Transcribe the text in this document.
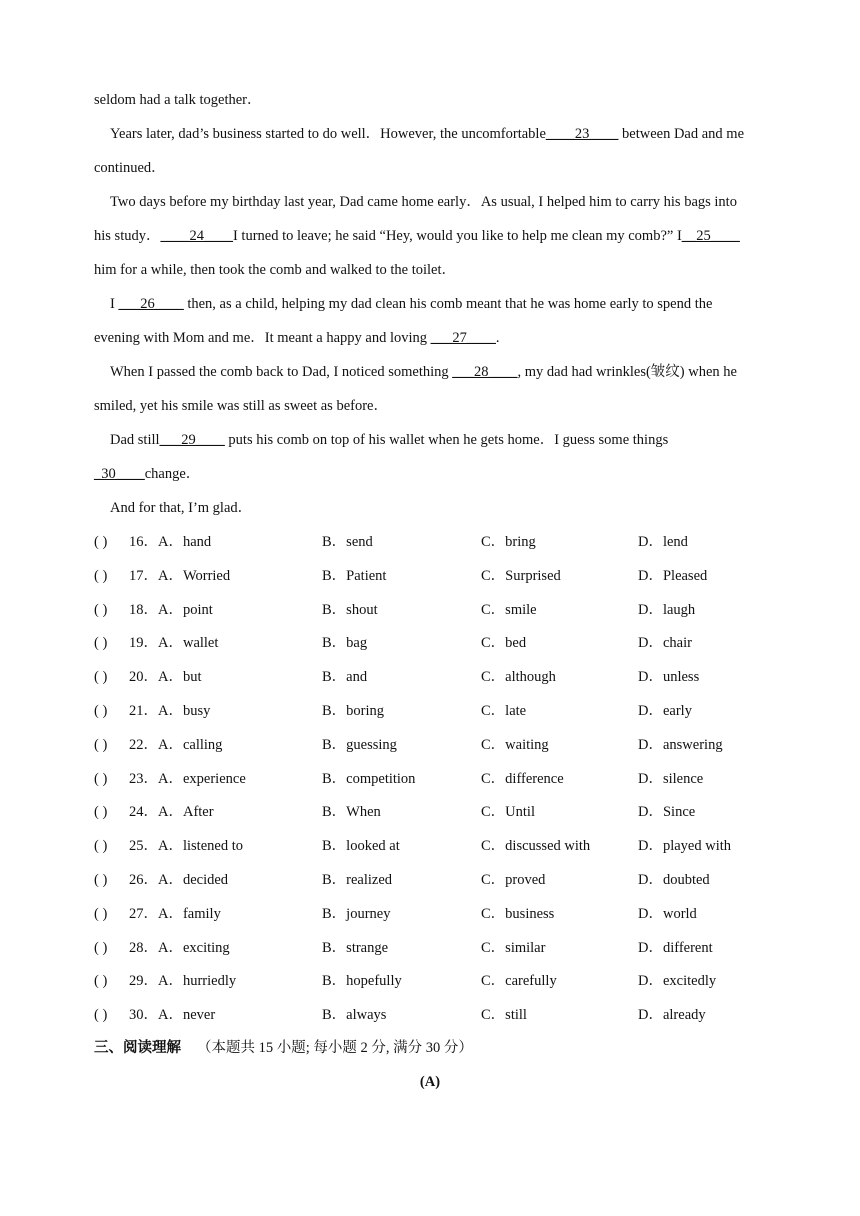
seldom had a talk together．
Years later, dad’s business started to do well．However, the uncomfortable____23____ between Dad and me
continued．
Two days before my birthday last year, Dad came home early．As usual, I helped him to carry his bags into
his study．____24____I turned to leave; he said “Hey, would you like to help me clean my comb?” I__25____
him for a while, then took the comb and walked to the toilet．
I ___26____ then, as a child, helping my dad clean his comb meant that he was home early to spend the
evening with Mom and me．It meant a happy and loving ___27____.
When I passed the comb back to Dad, I noticed something ___28____, my dad had wrinkles(皱纹) when he
smiled, yet his smile was still as sweet as before．
Dad still___29____ puts his comb on top of his wallet when he gets home．I guess some things
_30____change．
And for that, I’m glad．
( ) 16．A．hand	B．send	C．bring	D．lend
( ) 17．A．Worried	B．Patient	C．Surprised	D．Pleased
( ) 18．A．point	B．shout	C．smile	D．laugh
( ) 19．A．wallet	B．bag	C．bed	D．chair
( ) 20．A．but	B．and	C．although	D．unless
( ) 21．A．busy	B．boring	C．late	D．early
( ) 22．A．calling	B．guessing	C．waiting	D．answering
( ) 23．A．experience	B．competition	C．difference	D．silence
( ) 24．A．After	B．When	C．Until	D．Since
( ) 25．A．listened to	B．looked at	C．discussed with	D．played with
( ) 26．A．decided	B．realized	C．proved	D．doubted
( ) 27．A．family	B．journey	C．business	D．world
( ) 28．A．exciting	B．strange	C．similar	D．different
( ) 29．A．hurriedly	B．hopefully	C．carefully	D．excitedly
( ) 30．A．never	B．always	C．still	D．already
三、阅读理解 （本题共 15 小题; 每小题 2 分, 满分 30 分）
(A)
